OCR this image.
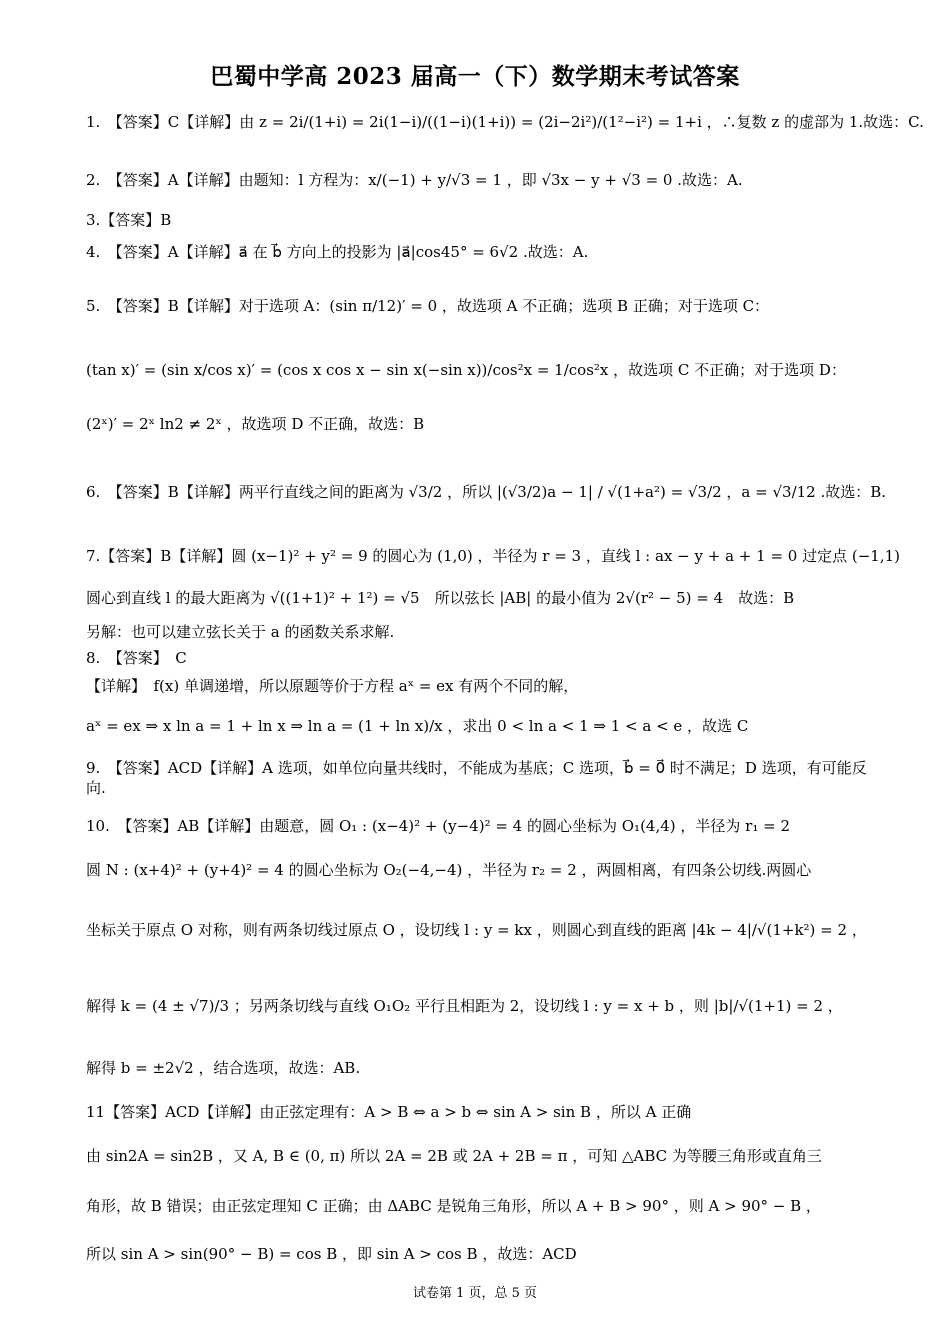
巴蜀中学高 2023 届高一（下）数学期末考试答案
1.　【答案】C【详解】由 z = 2i/(1+i) = 2i(1−i)/((1−i)(1+i)) = (2i−2i²)/(1²−i²) = 1+i ，∴复数 z 的虚部为 1.故选：C.
2.　【答案】A【详解】由题知：l 方程为：x/(−1) + y/√3 = 1 ，即 √3x − y + √3 = 0 .故选：A.
3.【答案】B
4.　【答案】A【详解】a⃗ 在 b⃗ 方向上的投影为 |a⃗|cos45° = 6√2 .故选：A.
5.　【答案】B【详解】对于选项 A：(sin π/12)′ = 0 ，故选项 A 不正确；选项 B 正确；对于选项 C：
(tan x)′ = (sin x/cos x)′ = (cos x cos x − sin x(−sin x))/cos²x = 1/cos²x ，故选项 C 不正确；对于选项 D：
(2ˣ)′ = 2ˣ ln2 ≠ 2ˣ ，故选项 D 不正确，故选：B
6.　【答案】B【详解】两平行直线之间的距离为 √3/2 ，所以 |(√3/2)a − 1| / √(1+a²) = √3/2 ，a = √3/12 .故选：B.
7.【答案】B【详解】圆 (x−1)² + y² = 9 的圆心为 (1,0) ，半径为 r = 3 ，直线 l : ax − y + a + 1 = 0 过定点 (−1,1)
圆心到直线 l 的最大距离为 √((1+1)² + 1²) = √5　所以弦长 |AB| 的最小值为 2√(r² − 5) = 4　故选：B
另解：也可以建立弦长关于 a 的函数关系求解.
8.　【答案】　C
【详解】　f(x) 单调递增，所以原题等价于方程 aˣ = ex 有两个不同的解，
aˣ = ex ⇒ x ln a = 1 + ln x ⇒ ln a = (1 + ln x)/x ，求出 0 < ln a < 1 ⇒ 1 < a < e ，故选 C
9.　【答案】ACD【详解】A 选项，如单位向量共线时，不能成为基底；C 选项，b⃗ = 0⃗ 时不满足；D 选项，有可能反向.
10.　【答案】AB【详解】由题意，圆 O₁ : (x−4)² + (y−4)² = 4 的圆心坐标为 O₁(4,4) ，半径为 r₁ = 2
圆 N : (x+4)² + (y+4)² = 4 的圆心坐标为 O₂(−4,−4) ，半径为 r₂ = 2 ，两圆相离，有四条公切线.两圆心
坐标关于原点 O 对称，则有两条切线过原点 O ，设切线 l : y = kx ，则圆心到直线的距离 |4k − 4|/√(1+k²) = 2 ，
解得 k = (4 ± √7)/3 ；另两条切线与直线 O₁O₂ 平行且相距为 2，设切线 l : y = x + b ，则 |b|/√(1+1) = 2 ，
解得 b = ±2√2 ，结合选项，故选：AB.
11【答案】ACD【详解】由正弦定理有：A > B ⇔ a > b ⇔ sin A > sin B ，所以 A 正确
由 sin2A = sin2B ，又 A, B ∈ (0, π) 所以 2A = 2B 或 2A + 2B = π ，可知 △ABC 为等腰三角形或直角三
角形，故 B 错误；由正弦定理知 C 正确；由 ΔABC 是锐角三角形，所以 A + B > 90° ，则 A > 90° − B ，
所以 sin A > sin(90° − B) = cos B ，即 sin A > cos B ，故选：ACD
试卷第 1 页，总 5 页
